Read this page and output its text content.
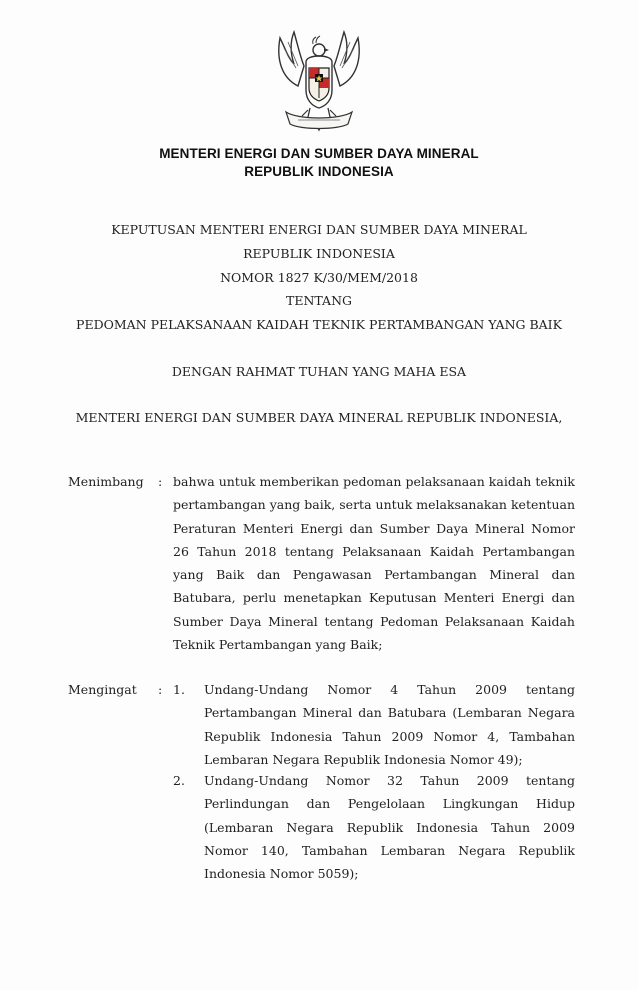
MENTERI ENERGI DAN SUMBER DAYA MINERAL
REPUBLIK INDONESIA
KEPUTUSAN MENTERI ENERGI DAN SUMBER DAYA MINERAL
REPUBLIK INDONESIA
NOMOR 1827 K/30/MEM/2018
TENTANG
PEDOMAN PELAKSANAAN KAIDAH TEKNIK PERTAMBANGAN YANG BAIK
DENGAN RAHMAT TUHAN YANG MAHA ESA
MENTERI ENERGI DAN SUMBER DAYA MINERAL REPUBLIK INDONESIA,
Menimbang : bahwa untuk memberikan pedoman pelaksanaan kaidah teknik pertambangan yang baik, serta untuk melaksanakan ketentuan Peraturan Menteri Energi dan Sumber Daya Mineral Nomor 26 Tahun 2018 tentang Pelaksanaan Kaidah Pertambangan yang Baik dan Pengawasan Pertambangan Mineral dan Batubara, perlu menetapkan Keputusan Menteri Energi dan Sumber Daya Mineral tentang Pedoman Pelaksanaan Kaidah Teknik Pertambangan yang Baik;
Mengingat : 1. Undang-Undang Nomor 4 Tahun 2009 tentang Pertambangan Mineral dan Batubara (Lembaran Negara Republik Indonesia Tahun 2009 Nomor 4, Tambahan Lembaran Negara Republik Indonesia Nomor 49);
2. Undang-Undang Nomor 32 Tahun 2009 tentang Perlindungan dan Pengelolaan Lingkungan Hidup (Lembaran Negara Republik Indonesia Tahun 2009 Nomor 140, Tambahan Lembaran Negara Republik Indonesia Nomor 5059);
